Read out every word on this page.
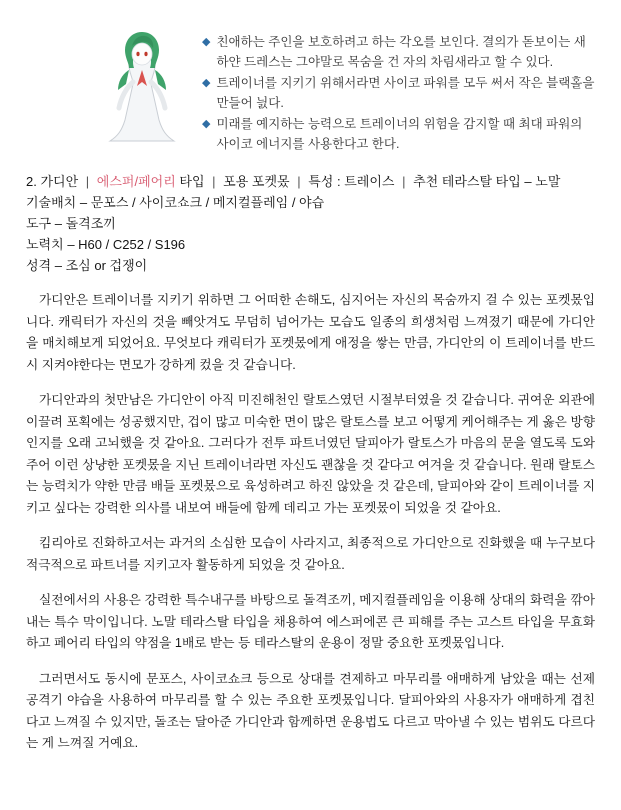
◆ 친애하는 주인을 보호하려고 하는 각오를 보인다. 결의가 돋보이는 새하얀 드레스는 그야말로 목숨을 건 자의 차림새라고 할 수 있다.
◆ 트레이너를 지키기 위해서라면 사이코 파워를 모두 써서 작은 블랙홀을 만들어 늸다.
◆ 미래를 예지하는 능력으로 트레이너의 위험을 감지할 때 최대 파워의 사이코 에너지를 사용한다고 한다.
2. 가디안 | 에스퍼/페어리 타입 | 포용 포켓몼 | 특성 : 트레이스 | 추천 테라스탈 타입 – 노말
기술배치 – 문포스 / 사이코쇼크 / 메지컬플레임 / 야습
도구 – 돌격조끼
노력치 – H60 / C252 / S196
성격 – 조심 or 겁쟁이

가디안은 트레이너를 지키기 위하면 그 어떠한 손해도, 심지어는 자신의 목숨까지 걸 수 있는 포켓몼입니다. 캐릭터가 자신의 것을 빼앗겨도 무덤히 넘어가는 모습도 일종의 희생처럼 느껴졌기 때문에 가디안을 매치해보게 되었어요. 무엇보다 캐릭터가 포켓몼에게 애정을 쌓는 만큼, 가디안의 이 트레이너를 반드시 지켜야한다는 면모가 강하게 컸을 것 같습니다.

가디안과의 첫만남은 가디안이 아직 미진해천인 랄토스였던 시절부터였을 것 같습니다. 귀여운 외관에 이끌려 포획에는 성공했지만, 겁이 많고 미숙한 면이 많은 랄토스를 보고 어떻게 케어해주는 게 옳은 방향인지를 오래 고뇌했을 것 같아요. 그러다가 전투 파트너였던 달피아가 랄토스가 마음의 문을 열도록 도와주어 이런 상냥한 포켓몼을 지닌 트레이너라면 자신도 괜찮을 것 같다고 여겨을 것 같습니다. 원래 랄토스는 능력치가 약한 만큼 배들 포켓몼으로 육성하려고 하진 않았을 것 같은데, 달피아와 같이 트레이너를 지키고 싶다는 강력한 의사를 내보여 배들에 함께 데리고 가는 포켓몼이 되었을 것 같아요.

킴리아로 진화하고서는 과거의 소심한 모습이 사라지고, 최종적으로 가디안으로 진화했을 때 누구보다 적극적으로 파트너를 지키고자 활동하게 되었을 것 같아요.

실전에서의 사용은 강력한 특수내구를 바탕으로 돌격조끼, 메지컬플레임을 이용해 상대의 화력을 깎아내는 특수 막이입니다. 노말 테라스탈 타입을 채용하여 에스퍼에콘 큰 피해를 주는 고스트 타입을 무효화하고 페어리 타입의 약점을 1배로 받는 등 테라스탈의 운용이 정말 중요한 포켓몼입니다.

그러면서도 동시에 문포스, 사이코쇼크 등으로 상대를 견제하고 마무리를 애매하게 남았을 때는 선제공격기 야습을 사용하여 마무리를 할 수 있는 주요한 포켓몼입니다. 달피아와의 사용자가 애매하게 겹친다고 느껴질 수 있지만, 돌조는 달아준 가디안과 함께하면 운용법도 다르고 막아낼 수 있는 범위도 다르다는 게 느껴질 거예요.
